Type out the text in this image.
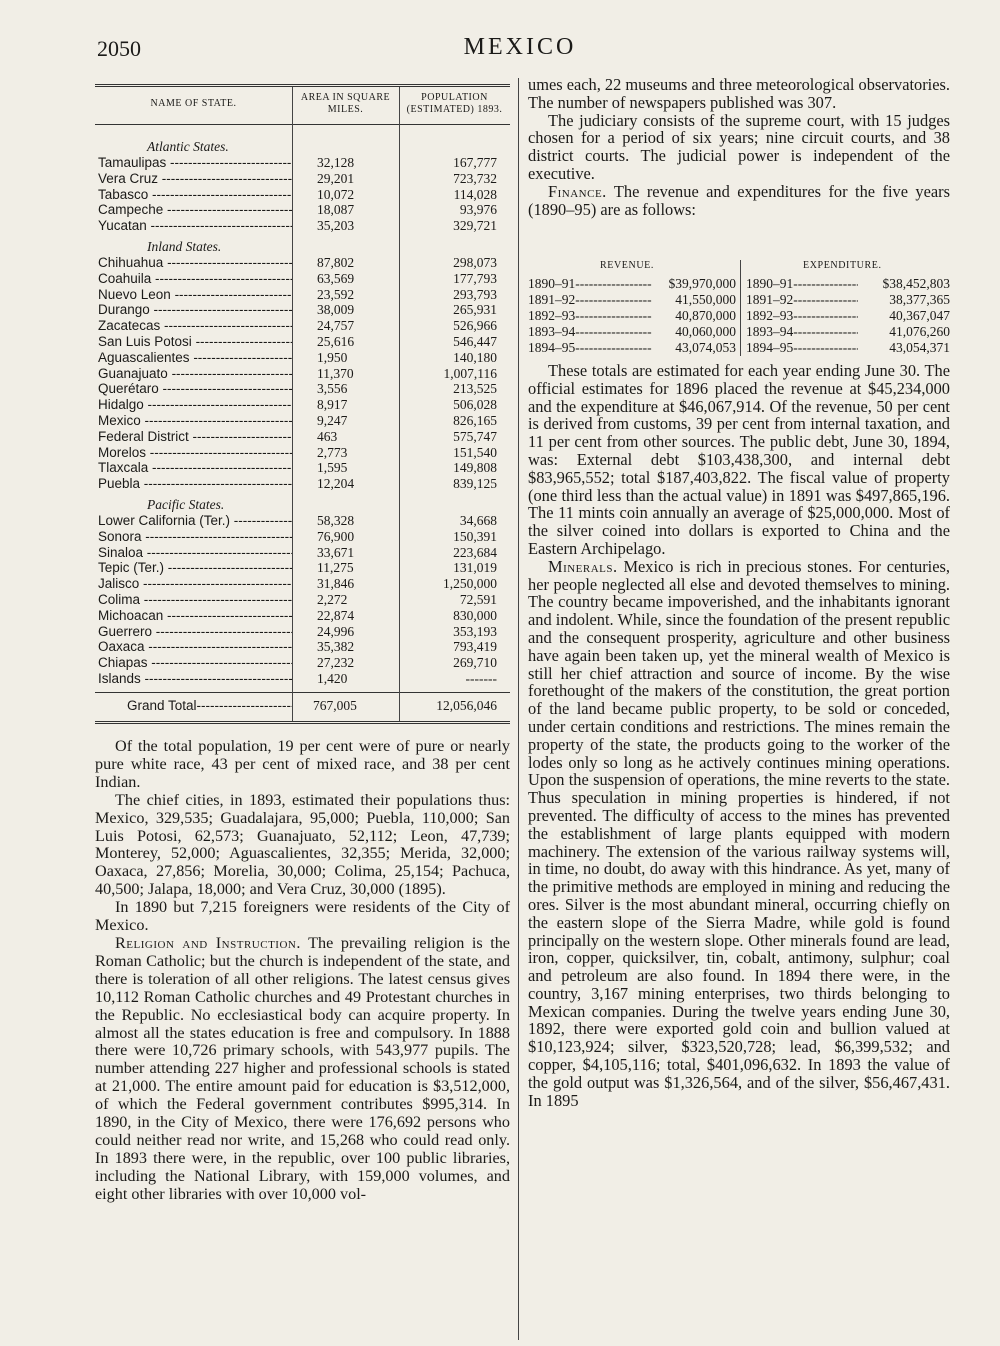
2050	MEXICO
NAME OF STATE.
AREA IN SQUARE MILES.
POPULATION (ESTIMATED) 1893.
Atlantic States.
Tamaulipas -----	32,128	167,777
Vera Cruz -----	29,201	723,732
Tabasco -----	10,072	114,028
Campeche -----	18,087	93,976
Yucatan -----	35,203	329,721
Inland States.
Chihuahua -----	87,802	298,073
Coahuila -----	63,569	177,793
Nuevo Leon -----	23,592	293,793
Durango -----	38,009	265,931
Zacatecas -----	24,757	526,966
San Luis Potosi -----	25,616	546,447
Aguascalientes -----	1,950	140,180
Guanajuato -----	11,370	1,007,116
Querétaro -----	3,556	213,525
Hidalgo -----	8,917	506,028
Mexico -----	9,247	826,165
Federal District -----	463	575,747
Morelos -----	2,773	151,540
Tlaxcala -----	1,595	149,808
Puebla -----	12,204	839,125
Pacific States.
Lower California (Ter.) -----	58,328	34,668
Sonora -----	76,900	150,391
Sinaloa -----	33,671	223,684
Tepic (Ter.) -----	11,275	131,019
Jalisco -----	31,846	1,250,000
Colima -----	2,272	72,591
Michoacan -----	22,874	830,000
Guerrero -----	24,996	353,193
Oaxaca -----	35,382	793,419
Chiapas -----	27,232	269,710
Islands -----	1,420	-------
Grand Total -----	767,005	12,056,046

Of the total population, 19 per cent were of pure or nearly pure white race, 43 per cent of mixed race, and 38 per cent Indian.

The chief cities, in 1893, estimated their populations thus: Mexico, 329,535; Guadalajara, 95,000; Puebla, 110,000; San Luis Potosi, 62,573; Guanajuato, 52,112; Leon, 47,739; Monterey, 52,000; Aguascalientes, 32,355; Merida, 32,000; Oaxaca, 27,856; Morelia, 30,000; Colima, 25,154; Pachuca, 40,500; Jalapa, 18,000; and Vera Cruz, 30,000 (1895).

In 1890 but 7,215 foreigners were residents of the City of Mexico.

Religion and Instruction. The prevailing religion is the Roman Catholic; but the church is independent of the state, and there is toleration of all other religions. The latest census gives 10,112 Roman Catholic churches and 49 Protestant churches in the Republic. No ecclesiastical body can acquire property. In almost all the states education is free and compulsory. In 1888 there were 10,726 primary schools, with 543,977 pupils. The number attending 227 higher and professional schools is stated at 21,000. The entire amount paid for education is $3,512,000, of which the Federal government contributes $995,314. In 1890, in the City of Mexico, there were 176,692 persons who could neither read nor write, and 15,268 who could read only. In 1893 there were, in the republic, over 100 public libraries, including the National Library, with 159,000 volumes, and eight other libraries with over 10,000 vol-

umes each, 22 museums and three meteorological observatories. The number of newspapers published was 307.

The judiciary consists of the supreme court, with 15 judges chosen for a period of six years; nine circuit courts, and 38 district courts. The judicial power is independent of the executive.

Finance. The revenue and expenditures for the five years (1890–95) are as follows:

REVENUE.	EXPENDITURE.
1890–91 -----	$39,970,000 1890–91 -----	$38,452,803
1891–92 -----	41,550,000 1891–92 -----	38,377,365
1892–93 -----	40,870,000 1892–93 -----	40,367,047
1893–94 -----	40,060,000 1893–94 -----	41,076,260
1894–95 -----	43,074,053 1894–95 -----	43,054,371

These totals are estimated for each year ending June 30. The official estimates for 1896 placed the revenue at $45,234,000 and the expenditure at $46,067,914. Of the revenue, 50 per cent is derived from customs, 39 per cent from internal taxation, and 11 per cent from other sources. The public debt, June 30, 1894, was: External debt $103,438,300, and internal debt $83,965,552; total $187,403,822. The fiscal value of property (one third less than the actual value) in 1891 was $497,865,196. The 11 mints coin annually an average of $25,000,000. Most of the silver coined into dollars is exported to China and the Eastern Archipelago.

Minerals. Mexico is rich in precious stones. For centuries, her people neglected all else and devoted themselves to mining. The country became impoverished, and the inhabitants ignorant and indolent. While, since the foundation of the present republic and the consequent prosperity, agriculture and other business have again been taken up, yet the mineral wealth of Mexico is still her chief attraction and source of income. By the wise forethought of the makers of the constitution, the great portion of the land became public property, to be sold or conceded, under certain conditions and restrictions. The mines remain the property of the state, the products going to the worker of the lodes only so long as he actively continues mining operations. Upon the suspension of operations, the mine reverts to the state. Thus speculation in mining properties is hindered, if not prevented. The difficulty of access to the mines has prevented the establishment of large plants equipped with modern machinery. The extension of the various railway systems will, in time, no doubt, do away with this hindrance. As yet, many of the primitive methods are employed in mining and reducing the ores. Silver is the most abundant mineral, occurring chiefly on the eastern slope of the Sierra Madre, while gold is found principally on the western slope. Other minerals found are lead, iron, copper, quicksilver, tin, cobalt, antimony, sulphur; coal and petroleum are also found. In 1894 there were, in the country, 3,167 mining enterprises, two thirds belonging to Mexican companies. During the twelve years ending June 30, 1892, there were exported gold coin and bullion valued at $10,123,924; silver, $323,520,728; lead, $6,399,532; and copper, $4,105,116; total, $401,096,632. In 1893 the value of the gold output was $1,326,564, and of the silver, $56,467,431. In 1895
